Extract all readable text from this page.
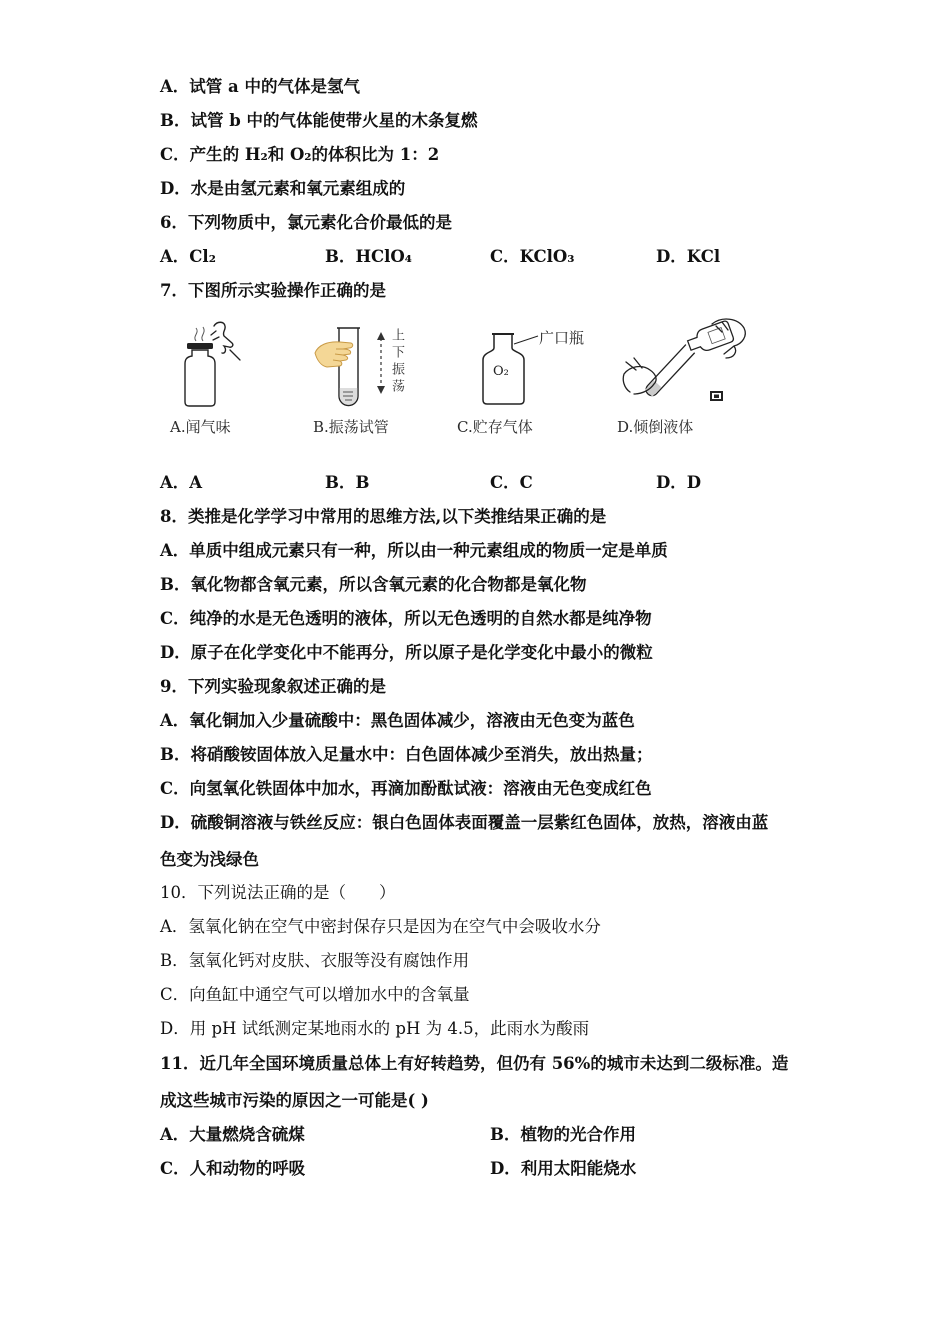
A．试管 a 中的气体是氢气
B．试管 b 中的气体能使带火星的木条复燃
C．产生的 H₂和 O₂的体积比为 1：2
D．水是由氢元素和氧元素组成的
6．下列物质中，氯元素化合价最低的是
A．Cl₂	B．HClO₄	C．KClO₃	D．KCl
7．下图所示实验操作正确的是
A.闻气味
上下振荡
B.振荡试管
O₂
广口瓶
C.贮存气体	D.倾倒液体
A．A	B．B	C．C	D．D
8．类推是化学学习中常用的思维方法,以下类推结果正确的是
A．单质中组成元素只有一种，所以由一种元素组成的物质一定是单质
B．氧化物都含氧元素，所以含氧元素的化合物都是氧化物
C．纯净的水是无色透明的液体，所以无色透明的自然水都是纯净物
D．原子在化学变化中不能再分，所以原子是化学变化中最小的微粒
9．下列实验现象叙述正确的是
A．氧化铜加入少量硫酸中：黑色固体减少，溶液由无色变为蓝色
B．将硝酸铵固体放入足量水中：白色固体减少至消失，放出热量；
C．向氢氧化铁固体中加水，再滴加酚酞试液：溶液由无色变成红色
D．硫酸铜溶液与铁丝反应：银白色固体表面覆盖一层紫红色固体，放热，溶液由蓝
色变为浅绿色
10．下列说法正确的是（　　）
A．氢氧化钠在空气中密封保存只是因为在空气中会吸收水分
B．氢氧化钙对皮肤、衣服等没有腐蚀作用
C．向鱼缸中通空气可以增加水中的含氧量
D．用 pH 试纸测定某地雨水的 pH 为 4.5，此雨水为酸雨
11．近几年全国环境质量总体上有好转趋势，但仍有 56%的城市未达到二级标准。造
成这些城市污染的原因之一可能是( )
A．大量燃烧含硫煤	B．植物的光合作用
C．人和动物的呼吸	D．利用太阳能烧水
